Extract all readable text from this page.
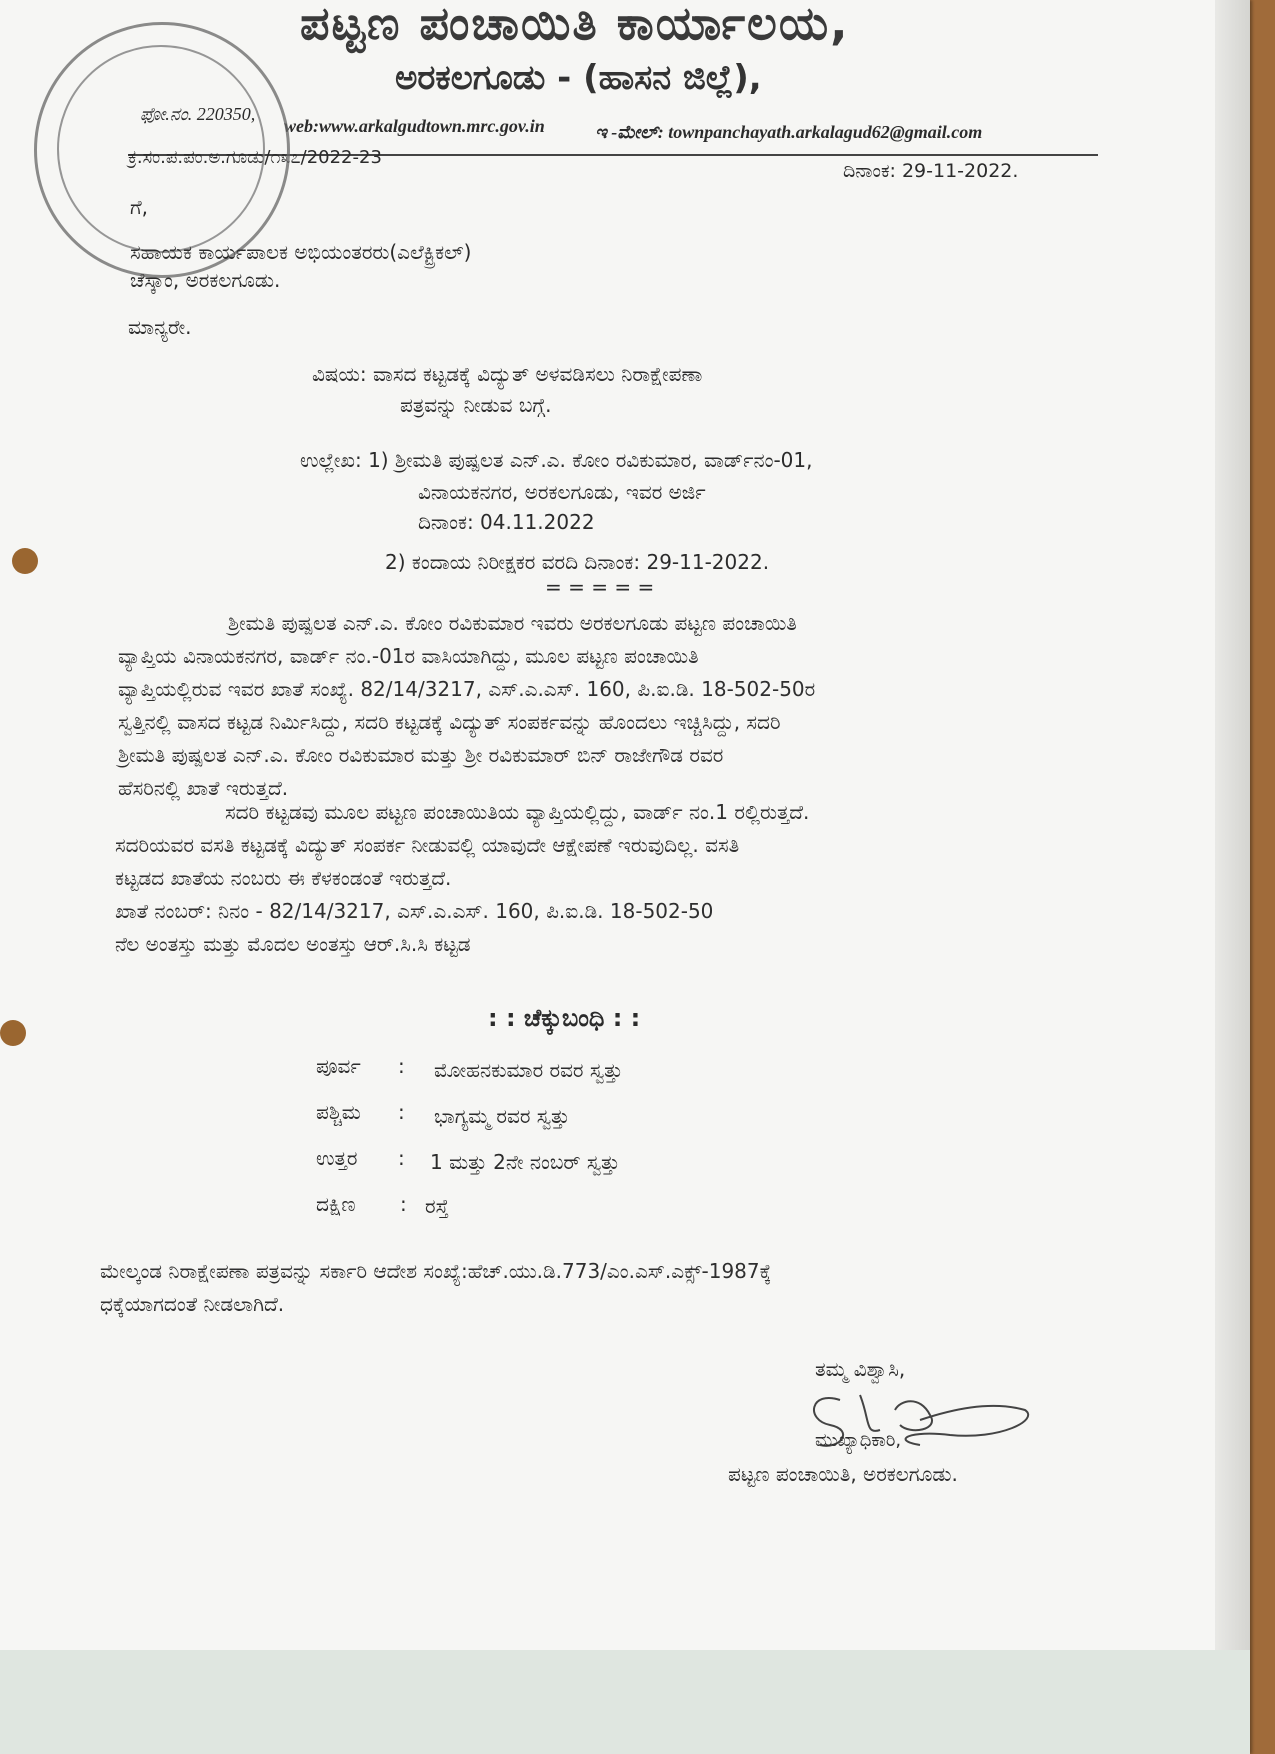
ಪಟ್ಟಣ ಪಂಚಾಯಿತಿ ಕಾರ್ಯಾಲಯ,
ಅರಕಲಗೂಡು - (ಹಾಸನ ಜಿಲ್ಲೆ),
ಫೋ.ನಂ. 220350,
web:www.arkalgudtown.mrc.gov.in	ಇ -ಮೇಲ್: townpanchayath.arkalagud62@gmail.com
ಕ್ರ.ಸಂ.ಪ.ಪಂ.ಅ.ಗೂಡು/೧೩೭/2022-23
ದಿನಾಂಕ: 29-11-2022.
ಗೆ,
ಸಹಾಯಕ ಕಾರ್ಯಪಾಲಕ ಅಭಿಯಂತರರು(ಎಲೆಕ್ಟ್ರಿಕಲ್)
ಚೆಸ್ಕಾಂ, ಅರಕಲಗೂಡು.
ಮಾನ್ಯರೇ.
ವಿಷಯ: ವಾಸದ ಕಟ್ಟಡಕ್ಕೆ ವಿದ್ಯುತ್ ಅಳವಡಿಸಲು ನಿರಾಕ್ಷೇಪಣಾ
ಪತ್ರವನ್ನು ನೀಡುವ ಬಗ್ಗೆ.
ಉಲ್ಲೇಖ: 1) ಶ್ರೀಮತಿ ಪುಷ್ಪಲತ ಎನ್.ಎ. ಕೋಂ ರವಿಕುಮಾರ, ವಾರ್ಡ್‌ನಂ-01,
ವಿನಾಯಕನಗರ, ಅರಕಲಗೂಡು, ಇವರ ಅರ್ಜಿ
ದಿನಾಂಕ: 04.11.2022
2) ಕಂದಾಯ ನಿರೀಕ್ಷಕರ ವರದಿ ದಿನಾಂಕ: 29-11-2022.
= = = = =
ಶ್ರೀಮತಿ ಪುಷ್ಪಲತ ಎನ್.ಎ. ಕೋಂ ರವಿಕುಮಾರ ಇವರು ಅರಕಲಗೂಡು ಪಟ್ಟಣ ಪಂಚಾಯಿತಿ
ವ್ಯಾಪ್ತಿಯ ವಿನಾಯಕನಗರ, ವಾರ್ಡ್ ನಂ.-01ರ ವಾಸಿಯಾಗಿದ್ದು, ಮೂಲ ಪಟ್ಟಣ ಪಂಚಾಯಿತಿ
ವ್ಯಾಪ್ತಿಯಲ್ಲಿರುವ ಇವರ ಖಾತೆ ಸಂಖ್ಯೆ. 82/14/3217, ಎಸ್.ಎ.ಎಸ್. 160, ಪಿ.ಐ.ಡಿ. 18-502-50ರ
ಸ್ವತ್ತಿನಲ್ಲಿ ವಾಸದ ಕಟ್ಟಡ ನಿರ್ಮಿಸಿದ್ದು, ಸದರಿ ಕಟ್ಟಡಕ್ಕೆ ವಿದ್ಯುತ್ ಸಂಪರ್ಕವನ್ನು ಹೊಂದಲು ಇಚ್ಚಿಸಿದ್ದು, ಸದರಿ
ಶ್ರೀಮತಿ ಪುಷ್ಪಲತ ಎನ್.ಎ. ಕೋಂ ರವಿಕುಮಾರ ಮತ್ತು ಶ್ರೀ ರವಿಕುಮಾರ್ ಬಿನ್ ರಾಜೇಗೌಡ ರವರ
ಹೆಸರಿನಲ್ಲಿ ಖಾತೆ ಇರುತ್ತದೆ.
ಸದರಿ ಕಟ್ಟಡವು ಮೂಲ ಪಟ್ಟಣ ಪಂಚಾಯಿತಿಯ ವ್ಯಾಪ್ತಿಯಲ್ಲಿದ್ದು, ವಾರ್ಡ್ ನಂ.1 ರಲ್ಲಿರುತ್ತದೆ.
ಸದರಿಯವರ ವಸತಿ ಕಟ್ಟಡಕ್ಕೆ ವಿದ್ಯುತ್ ಸಂಪರ್ಕ ನೀಡುವಲ್ಲಿ ಯಾವುದೇ ಆಕ್ಷೇಪಣೆ ಇರುವುದಿಲ್ಲ. ವಸತಿ
ಕಟ್ಟಡದ ಖಾತೆಯ ನಂಬರು ಈ ಕೆಳಕಂಡಂತೆ ಇರುತ್ತದೆ.
ಖಾತೆ ನಂಬರ್: ನಿನಂ - 82/14/3217, ಎಸ್.ಎ.ಎಸ್. 160, ಪಿ.ಐ.ಡಿ. 18-502-50
ನೆಲ ಅಂತಸ್ತು ಮತ್ತು ಮೊದಲ ಅಂತಸ್ತು ಆರ್.ಸಿ.ಸಿ ಕಟ್ಟಡ
: : ಚೆಕ್ಕುಬಂಧಿ : :
ಪೂರ್ವ : ಮೋಹನಕುಮಾರ ರವರ ಸ್ವತ್ತು
ಪಶ್ಚಿಮ : ಭಾಗ್ಯಮ್ಮ ರವರ ಸ್ವತ್ತು
ಉತ್ತರ : 1 ಮತ್ತು 2ನೇ ನಂಬರ್ ಸ್ವತ್ತು
ದಕ್ಷಿಣ : ರಸ್ತೆ
ಮೇಲ್ಕಂಡ ನಿರಾಕ್ಷೇಪಣಾ ಪತ್ರವನ್ನು ಸರ್ಕಾರಿ ಆದೇಶ ಸಂಖ್ಯೆ:ಹೆಚ್.ಯು.ಡಿ.773/ಎಂ.ಎಸ್.ಎಕ್ಸ್-1987ಕ್ಕೆ
ಧಕ್ಕೆಯಾಗದಂತೆ ನೀಡಲಾಗಿದೆ.
ತಮ್ಮ ವಿಶ್ವಾಸಿ,
ಮುಖ್ಯಾಧಿಕಾರಿ,
ಪಟ್ಟಣ ಪಂಚಾಯಿತಿ, ಅರಕಲಗೂಡು.
